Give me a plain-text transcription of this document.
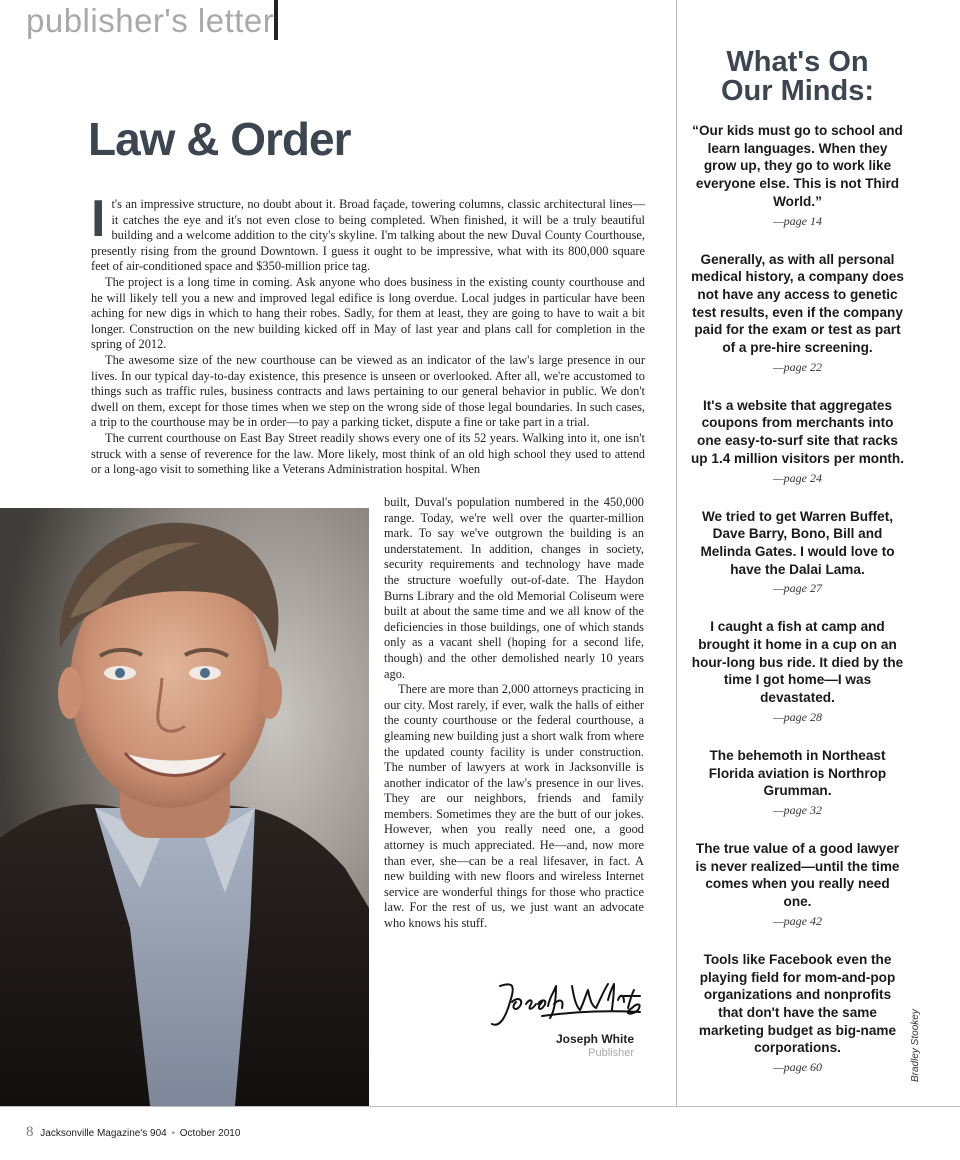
publisher's letter
Law & Order

It's an impressive structure, no doubt about it. Broad façade, towering columns, classic architectural lines—it catches the eye and it's not even close to being completed. When finished, it will be a truly beautiful building and a welcome addition to the city's skyline. I'm talking about the new Duval County Courthouse, presently rising from the ground Downtown. I guess it ought to be impressive, what with its 800,000 square feet of air-conditioned space and $350-million price tag.

The project is a long time in coming. Ask anyone who does business in the existing county courthouse and he will likely tell you a new and improved legal edifice is long overdue. Local judges in particular have been aching for new digs in which to hang their robes. Sadly, for them at least, they are going to have to wait a bit longer. Construction on the new building kicked off in May of last year and plans call for completion in the spring of 2012.

The awesome size of the new courthouse can be viewed as an indicator of the law's large presence in our lives. In our typical day-to-day existence, this presence is unseen or overlooked. After all, we're accustomed to things such as traffic rules, business contracts and laws pertaining to our general behavior in public. We don't dwell on them, except for those times when we step on the wrong side of those legal boundaries. In such cases, a trip to the courthouse may be in order—to pay a parking ticket, dispute a fine or take part in a trial.

The current courthouse on East Bay Street readily shows every one of its 52 years. Walking into it, one isn't struck with a sense of reverence for the law. More likely, most think of an old high school they used to attend or a long-ago visit to something like a Veterans Administration hospital. When

built, Duval's population numbered in the 450,000 range. Today, we're well over the quarter-million mark. To say we've outgrown the building is an understatement. In addition, changes in society, security requirements and technology have made the structure woefully out-of-date. The Haydon Burns Library and the old Memorial Coliseum were built at about the same time and we all know of the deficiencies in those buildings, one of which stands only as a vacant shell (hoping for a second life, though) and the other demolished nearly 10 years ago.

There are more than 2,000 attorneys practicing in our city. Most rarely, if ever, walk the halls of either the county courthouse or the federal courthouse, a gleaming new building just a short walk from where the updated county facility is under construction. The number of lawyers at work in Jacksonville is another indicator of the law's presence in our lives. They are our neighbors, friends and family members. Sometimes they are the butt of our jokes. However, when you really need one, a good attorney is much appreciated. He—and, now more than ever, she—can be a real lifesaver, in fact. A new building with new floors and wireless Internet service are wonderful things for those who practice law. For the rest of us, we just want an advocate who knows his stuff.

Joseph White
Publisher
What's On
Our Minds:
“Our kids must go to school and learn languages. When they grow up, they go to work like everyone else. This is not Third World.”
—page 14
Generally, as with all personal medical history, a company does not have any access to genetic test results, even if the company paid for the exam or test as part of a pre-hire screening.
—page 22
It's a website that aggregates coupons from merchants into one easy-to-surf site that racks up 1.4 million visitors per month.
—page 24
We tried to get Warren Buffet, Dave Barry, Bono, Bill and Melinda Gates. I would love to have the Dalai Lama.
—page 27
I caught a fish at camp and brought it home in a cup on an hour-long bus ride. It died by the time I got home—I was devastated.
—page 28
The behemoth in Northeast Florida aviation is Northrop Grumman.
—page 32
The true value of a good lawyer is never realized—until the time comes when you really need one.
—page 42
Tools like Facebook even the playing field for mom-and-pop organizations and nonprofits that don't have the same marketing budget as big-name corporations.
—page 60	Bradley Stookey
8 Jacksonville Magazine's 904 • October 2010
